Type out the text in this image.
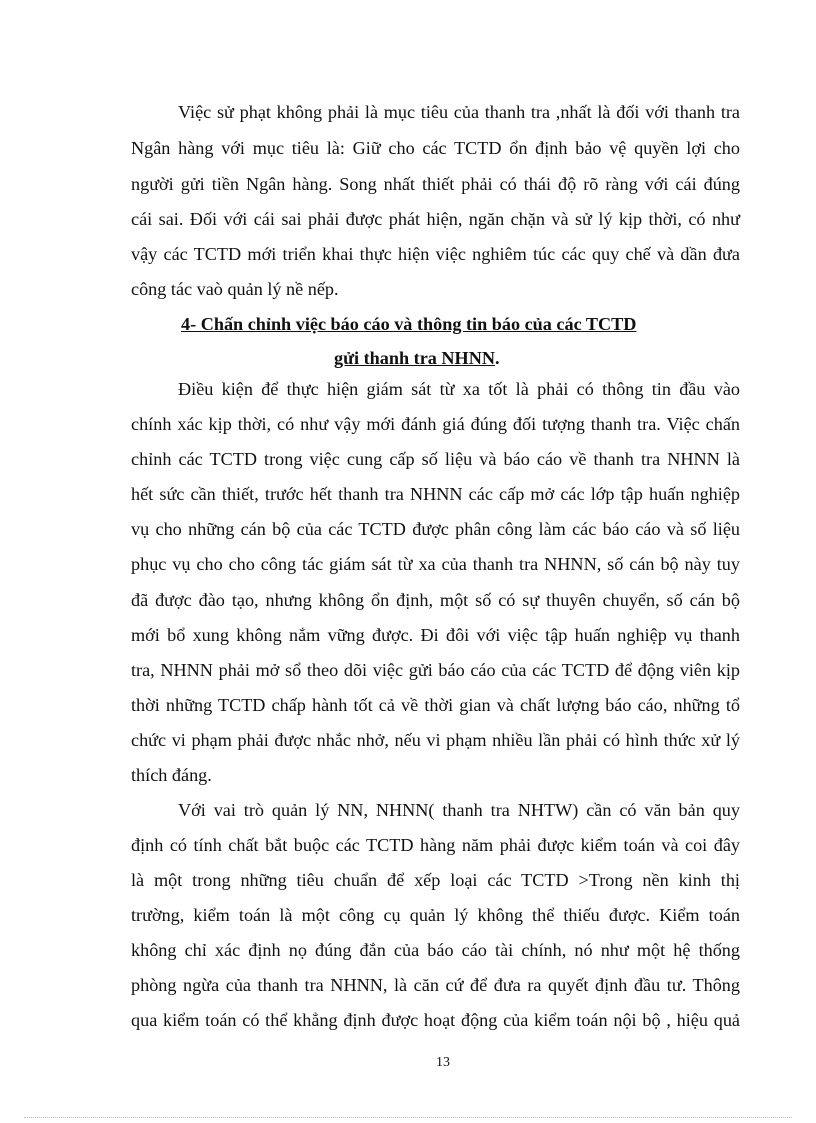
Việc sử phạt không phải là mục tiêu của thanh tra ,nhất là đối với thanh tra
Ngân hàng với mục tiêu là: Giữ cho các TCTD ổn định bảo vệ quyền lợi cho
người gửi tiền Ngân hàng. Song nhất thiết phải có thái độ rõ ràng với cái đúng
cái sai. Đối với cái sai phải được phát hiện, ngăn chặn và sử lý kịp thời, có như
vậy các TCTD mới triển khai thực hiện việc nghiêm túc các quy chế và dần đưa
công tác vaò quản lý nề nếp.
4- Chấn chỉnh việc báo cáo và thông tin báo của các TCTD
gửi thanh tra NHNN.
Điều kiện để thực hiện giám sát từ xa tốt là phải có thông tin đầu vào
chính xác kịp thời, có như vậy mới đánh giá đúng đối tượng thanh tra. Việc chấn
chỉnh các TCTD trong việc cung cấp số liệu và báo cáo về thanh tra NHNN là
hết sức cần thiết, trước hết thanh tra NHNN các cấp mở các lớp tập huấn nghiệp
vụ cho những cán bộ của các TCTD được phân công làm các báo cáo và số liệu
phục vụ cho cho công tác giám sát từ xa của thanh tra NHNN, số cán bộ này tuy
đã được đào tạo, nhưng không ổn định, một số có sự thuyên chuyển, số cán bộ
mới bổ xung không nắm vững được. Đi đôi với việc tập huấn nghiệp vụ thanh
tra, NHNN phải mở sổ theo dõi việc gửi báo cáo của các TCTD để động viên kịp
thời những TCTD chấp hành tốt cả về thời gian và chất lượng báo cáo, những tổ
chức vi phạm phải được nhắc nhở, nếu vi phạm nhiều lần phải có hình thức xử lý
thích đáng.
Với vai trò quản lý NN, NHNN( thanh tra NHTW) cần có văn bản quy
định có tính chất bắt buộc các TCTD hàng năm phải được kiểm toán và coi đây
là một trong những tiêu chuẩn để xếp loại các TCTD >Trong nền kinh thị
trường, kiểm toán là một công cụ quản lý không thể thiếu được. Kiểm toán
không chỉ xác định nọ đúng đắn của báo cáo tài chính, nó như một hệ thống
phòng ngừa của thanh tra NHNN, là căn cứ để đưa ra quyết định đầu tư. Thông
qua kiểm toán có thể khẳng định được hoạt động của kiểm toán nội bộ , hiệu quả
13
